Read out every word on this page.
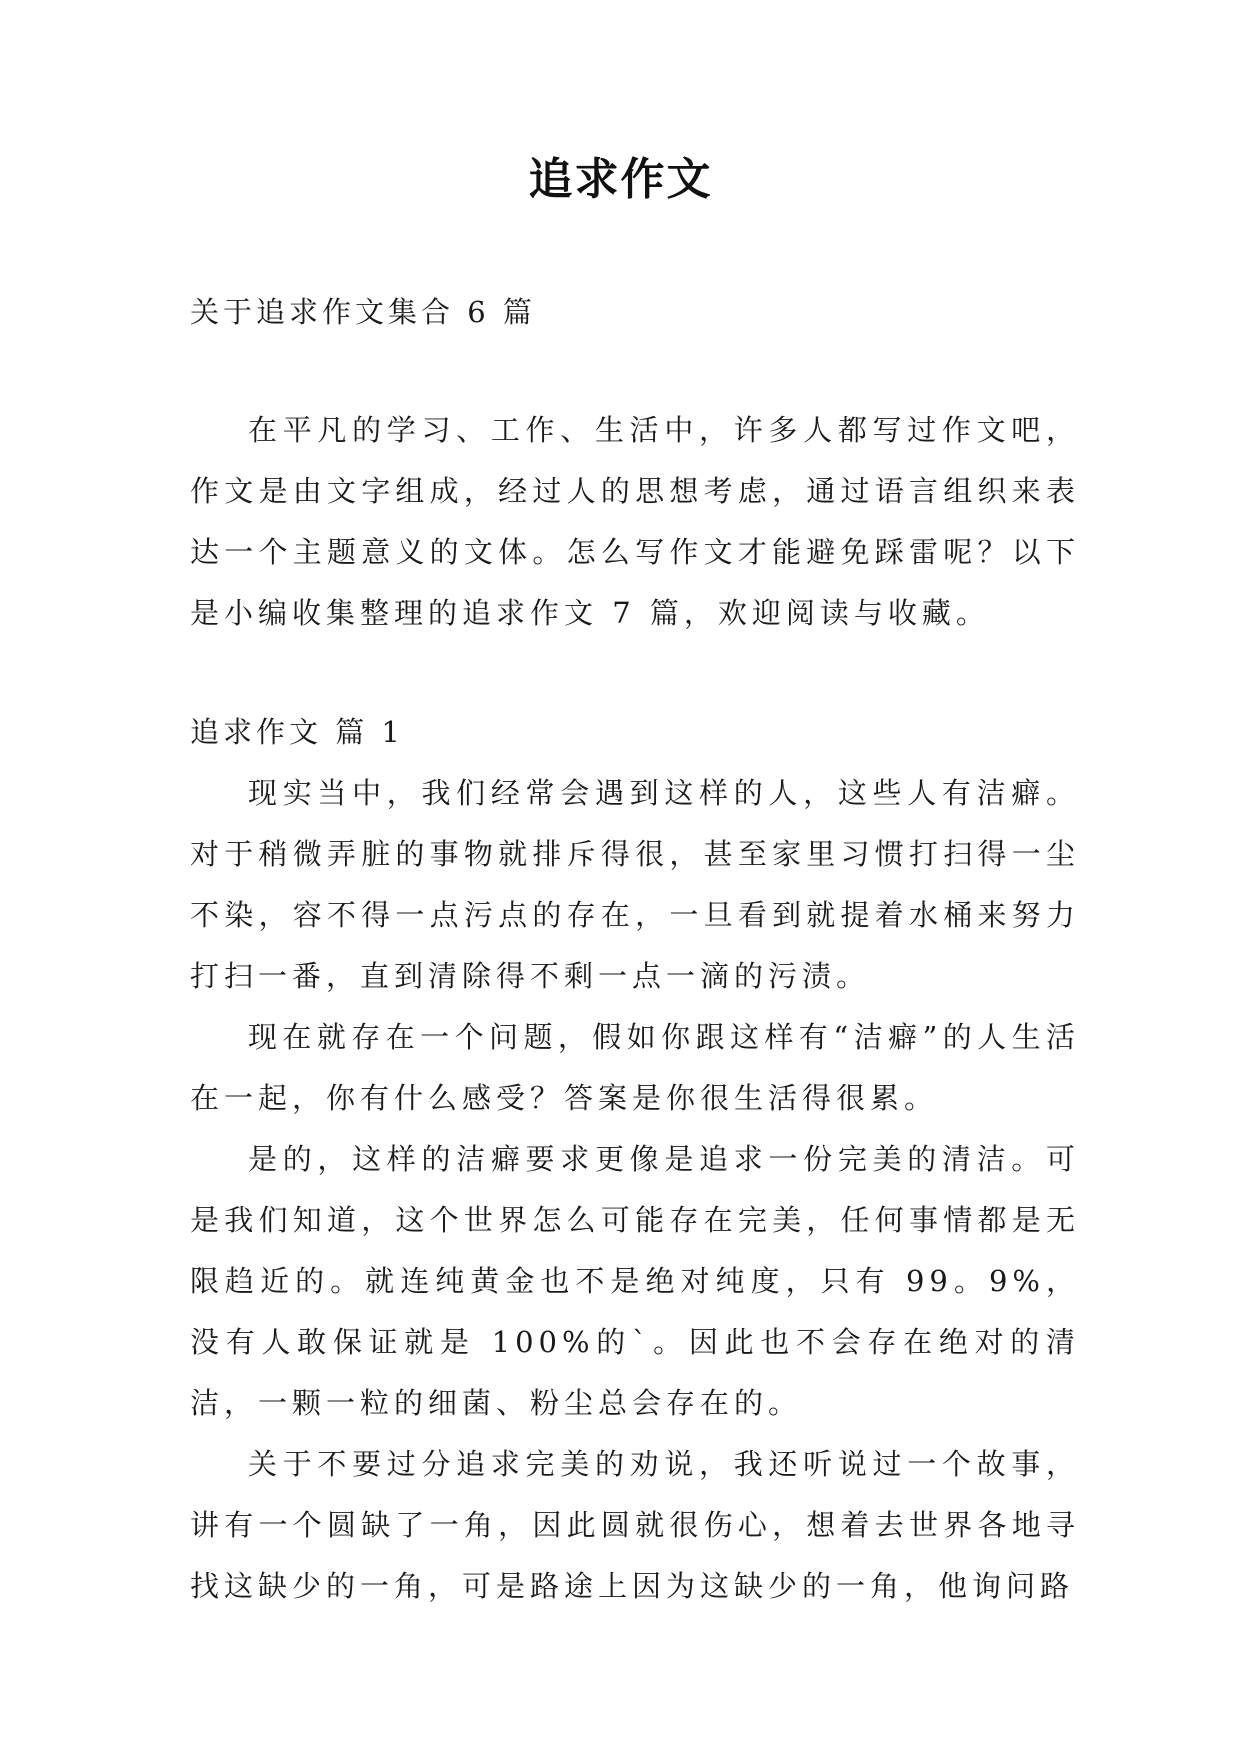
追求作文

关于追求作文集合 6 篇

在平凡的学习、工作、生活中，许多人都写过作文吧，作文是由文字组成，经过人的思想考虑，通过语言组织来表达一个主题意义的文体。怎么写作文才能避免踩雷呢？以下是小编收集整理的追求作文 7 篇，欢迎阅读与收藏。

追求作文 篇 1

现实当中，我们经常会遇到这样的人，这些人有洁癖。对于稍微弄脏的事物就排斥得很，甚至家里习惯打扫得一尘不染，容不得一点污点的存在，一旦看到就提着水桶来努力打扫一番，直到清除得不剩一点一滴的污渍。

现在就存在一个问题，假如你跟这样有“洁癖”的人生活在一起，你有什么感受？答案是你很生活得很累。

是的，这样的洁癖要求更像是追求一份完美的清洁。可是我们知道，这个世界怎么可能存在完美，任何事情都是无限趋近的。就连纯黄金也不是绝对纯度，只有 99。9%，没有人敢保证就是 100%的`。因此也不会存在绝对的清洁，一颗一粒的细菌、粉尘总会存在的。

关于不要过分追求完美的劝说，我还听说过一个故事，讲有一个圆缺了一角，因此圆就很伤心，想着去世界各地寻找这缺少的一角，可是路途上因为这缺少的一角，他询问路
